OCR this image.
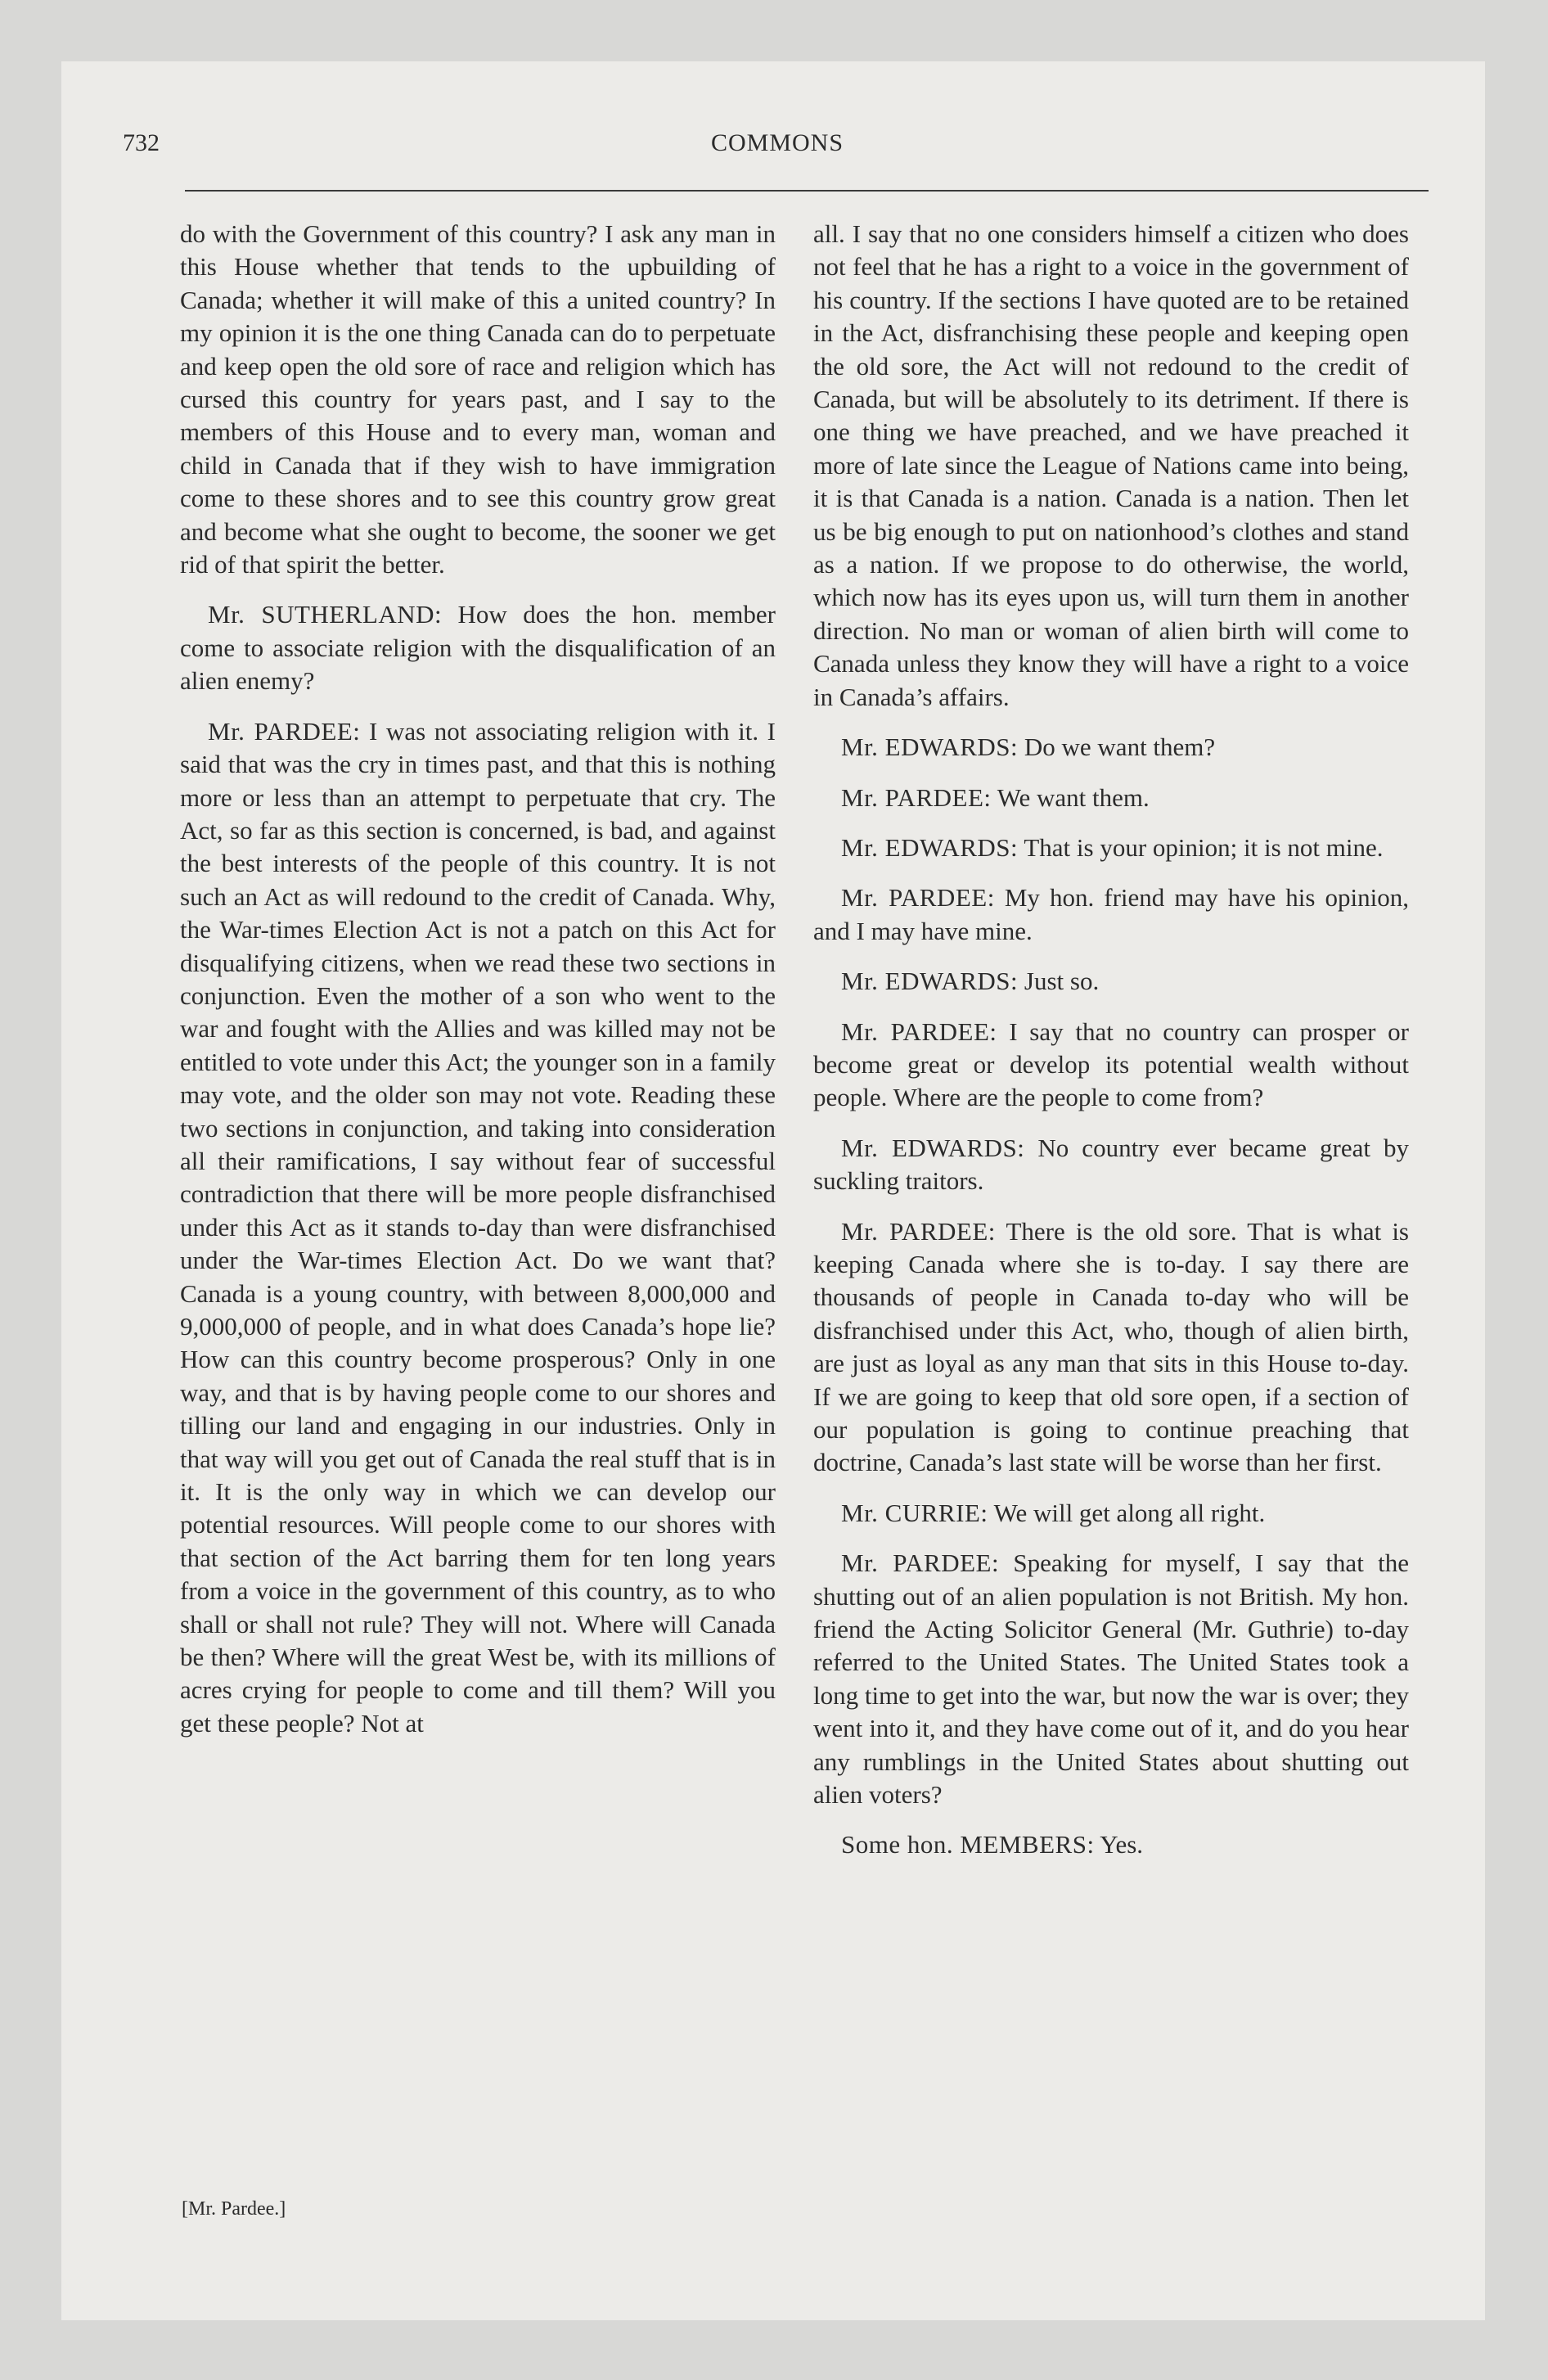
732	COMMONS

do with the Government of this country? I ask any man in this House whether that tends to the upbuilding of Canada; whether it will make of this a united country? In my opinion it is the one thing Canada can do to perpetuate and keep open the old sore of race and religion which has cursed this country for years past, and I say to the members of this House and to every man, woman and child in Canada that if they wish to have immigration come to these shores and to see this country grow great and become what she ought to become, the sooner we get rid of that spirit the better.

Mr. SUTHERLAND: How does the hon. member come to associate religion with the disqualification of an alien enemy?

Mr. PARDEE: I was not associating religion with it. I said that was the cry in times past, and that this is nothing more or less than an attempt to perpetuate that cry. The Act, so far as this section is concerned, is bad, and against the best interests of the people of this country. It is not such an Act as will redound to the credit of Canada. Why, the War-times Election Act is not a patch on this Act for disqualifying citizens, when we read these two sections in conjunction. Even the mother of a son who went to the war and fought with the Allies and was killed may not be entitled to vote under this Act; the younger son in a family may vote, and the older son may not vote. Reading these two sections in conjunction, and taking into consideration all their ramifications, I say without fear of successful contradiction that there will be more people disfranchised under this Act as it stands to-day than were disfranchised under the War-times Election Act. Do we want that? Canada is a young country, with between 8,000,000 and 9,000,000 of people, and in what does Canada’s hope lie? How can this country become prosperous? Only in one way, and that is by having people come to our shores and tilling our land and engaging in our industries. Only in that way will you get out of Canada the real stuff that is in it. It is the only way in which we can develop our potential resources. Will people come to our shores with that section of the Act barring them for ten long years from a voice in the government of this country, as to who shall or shall not rule? They will not. Where will Canada be then? Where will the great West be, with its millions of acres crying for people to come and till them? Will you get these people? Not at

all. I say that no one considers himself a citizen who does not feel that he has a right to a voice in the government of his country. If the sections I have quoted are to be retained in the Act, disfranchising these people and keeping open the old sore, the Act will not redound to the credit of Canada, but will be absolutely to its detriment. If there is one thing we have preached, and we have preached it more of late since the League of Nations came into being, it is that Canada is a nation. Canada is a nation. Then let us be big enough to put on nationhood’s clothes and stand as a nation. If we propose to do otherwise, the world, which now has its eyes upon us, will turn them in another direction. No man or woman of alien birth will come to Canada unless they know they will have a right to a voice in Canada’s affairs.

Mr. EDWARDS: Do we want them?

Mr. PARDEE: We want them.

Mr. EDWARDS: That is your opinion; it is not mine.

Mr. PARDEE: My hon. friend may have his opinion, and I may have mine.

Mr. EDWARDS: Just so.

Mr. PARDEE: I say that no country can prosper or become great or develop its potential wealth without people. Where are the people to come from?

Mr. EDWARDS: No country ever became great by suckling traitors.

Mr. PARDEE: There is the old sore. That is what is keeping Canada where she is to-day. I say there are thousands of people in Canada to-day who will be disfranchised under this Act, who, though of alien birth, are just as loyal as any man that sits in this House to-day. If we are going to keep that old sore open, if a section of our population is going to continue preaching that doctrine, Canada’s last state will be worse than her first.

Mr. CURRIE: We will get along all right.

Mr. PARDEE: Speaking for myself, I say that the shutting out of an alien population is not British. My hon. friend the Acting Solicitor General (Mr. Guthrie) to-day referred to the United States. The United States took a long time to get into the war, but now the war is over; they went into it, and they have come out of it, and do you hear any rumblings in the United States about shutting out alien voters?

Some hon. MEMBERS: Yes.

[Mr. Pardee.]
